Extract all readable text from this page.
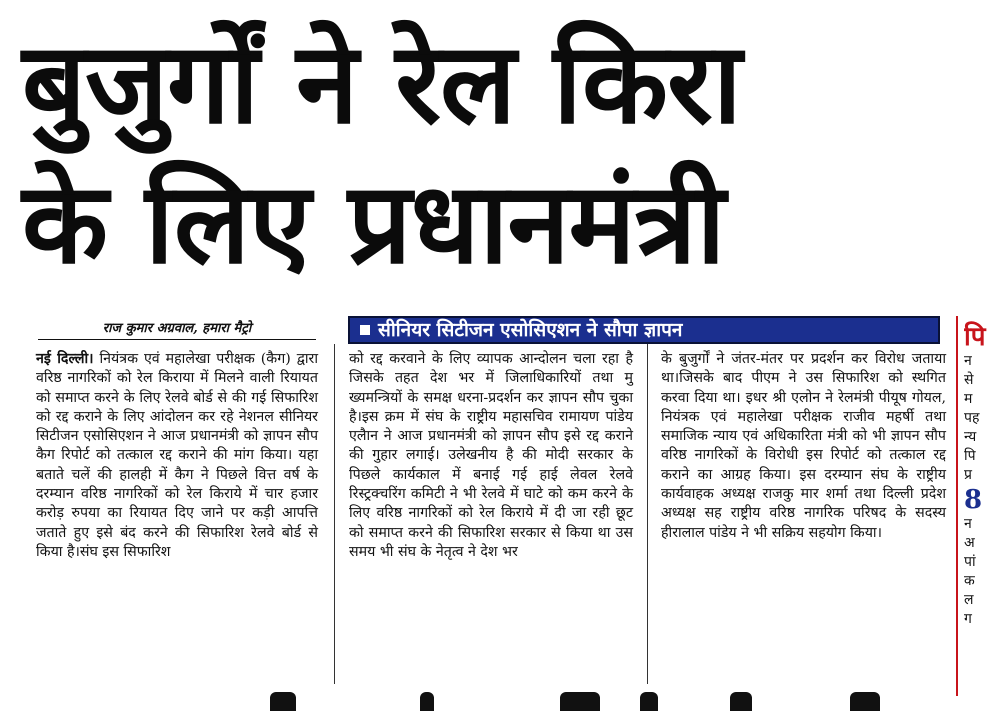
बुजुर्गों ने रेल किरा
के लिए प्रधानमंत्री
राज कुमार अग्रवाल, हमारा मैट्रो	सीनियर सिटीजन एसोसिएशन ने सौपा ज्ञापन

नई दिल्ली। नियंत्रक एवं महालेखा परीक्षक (कैग) द्वारा वरिष्ठ नागरिकों को रेल किराया में मिलने वाली रियायत को समाप्त करने के लिए रेलवे बोर्ड से की गई सिफारिश को रद्द कराने के लिए आंदोलन कर रहे नेशनल सीनियर सिटीजन एसोसिएशन ने आज प्रधानमंत्री को ज्ञापन सौप कैग रिपोर्ट को तत्काल रद्द कराने की मांग किया। यहा बताते चलें की हालही में कैग ने पिछले वित्त वर्ष के दरम्यान वरिष्ठ नागरिकों को रेल किराये में चार हजार करोड़ रुपया का रियायत दिए जाने पर कड़ी आपत्ति जताते हुए इसे बंद करने की सिफारिश रेलवे बोर्ड से किया है।संघ इस सिफारिश

को रद्द करवाने के लिए व्यापक आन्दोलन चला रहा है जिसके तहत देश भर में जिलाधिकारियों तथा मु ख्यमन्त्रियों के समक्ष धरना-प्रदर्शन कर ज्ञापन सौप चुका है।इस क्रम में संघ के राष्ट्रीय महासचिव रामायण पांडेय एलैान ने आज प्रधानमंत्री को ज्ञापन सौप इसे रद्द कराने की गुहार लगाई। उलेखनीय है की मोदी सरकार के पिछले कार्यकाल में बनाई गई हाई लेवल रेलवे रिस्ट्रक्चरिंग कमिटी ने भी रेलवे में घाटे को कम करने के लिए वरिष्ठ नागरिकों को रेल किराये में दी जा रही छूट को समाप्त करने की सिफारिश सरकार से किया था उस समय भी संघ के नेतृत्व ने देश भर

के बुजुर्गों ने जंतर-मंतर पर प्रदर्शन कर विरोध जताया था।जिसके बाद पीएम ने उस सिफारिश को स्थगित करवा दिया था। इधर श्री एलोन ने रेलमंत्री पीयूष गोयल, नियंत्रक एवं महालेखा परीक्षक राजीव महर्षी तथा समाजिक न्याय एवं अधिकारिता मंत्री को भी ज्ञापन सौप वरिष्ठ नागरिकों के विरोधी इस रिपोर्ट को तत्काल रद्द कराने का आग्रह किया। इस दरम्यान संघ के राष्ट्रीय कार्यवाहक अध्यक्ष राजकु मार शर्मा तथा दिल्ली प्रदेश अध्यक्ष सह राष्ट्रीय वरिष्ठ नागरिक परिषद के सदस्य हीरालाल पांडेय ने भी सक्रिय सहयोग किया।

पि
न
से
म
पह
न्य
पि
प्र
8
न
अ
पां
क
ल
ग
